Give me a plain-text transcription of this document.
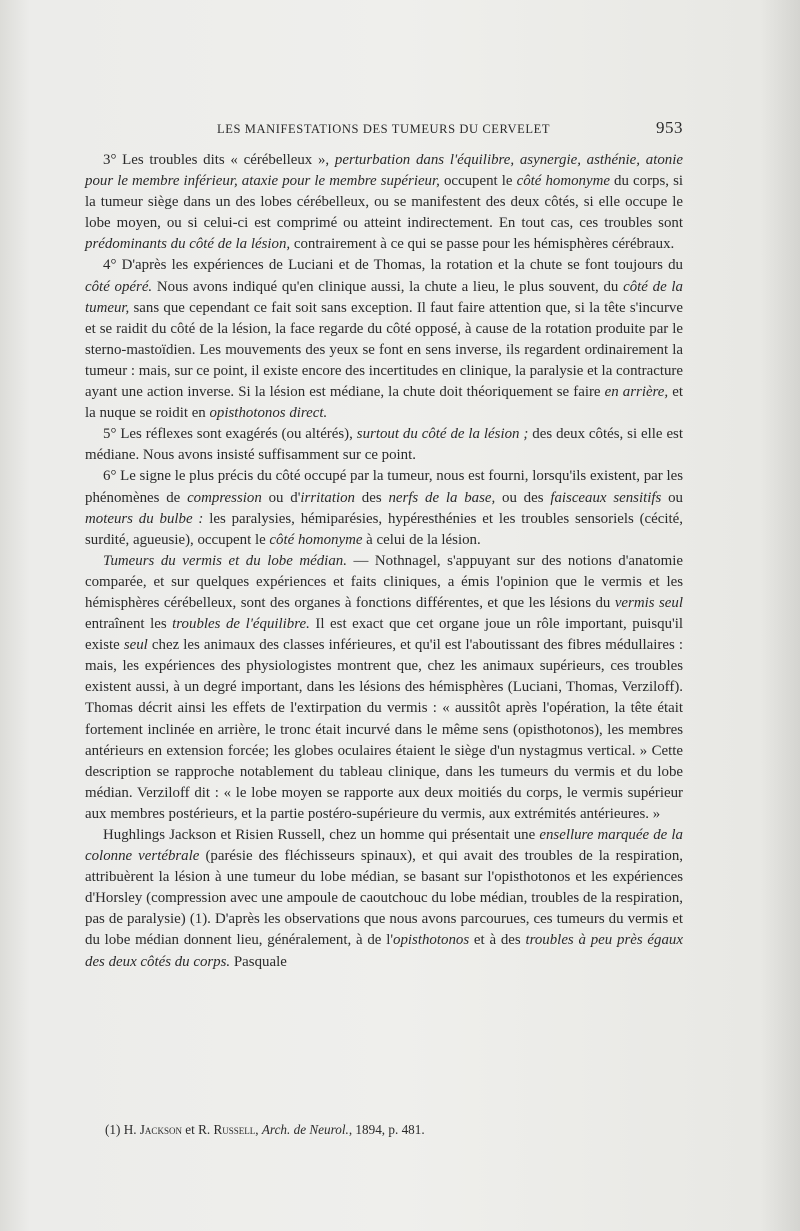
LES MANIFESTATIONS DES TUMEURS DU CERVELET	953

3° Les troubles dits « cérébelleux », perturbation dans l'équilibre, asynergie, asthénie, atonie pour le membre inférieur, ataxie pour le membre supérieur, occupent le côté homonyme du corps, si la tumeur siège dans un des lobes cérébelleux, ou se manifestent des deux côtés, si elle occupe le lobe moyen, ou si celui-ci est comprimé ou atteint indirectement. En tout cas, ces troubles sont prédominants du côté de la lésion, contrairement à ce qui se passe pour les hémisphères cérébraux.

4° D'après les expériences de Luciani et de Thomas, la rotation et la chute se font toujours du côté opéré. Nous avons indiqué qu'en clinique aussi, la chute a lieu, le plus souvent, du côté de la tumeur, sans que cependant ce fait soit sans exception. Il faut faire attention que, si la tête s'incurve et se raidit du côté de la lésion, la face regarde du côté opposé, à cause de la rotation produite par le sterno-mastoïdien. Les mouvements des yeux se font en sens inverse, ils regardent ordinairement la tumeur : mais, sur ce point, il existe encore des incertitudes en clinique, la paralysie et la contracture ayant une action inverse. Si la lésion est médiane, la chute doit théoriquement se faire en arrière, et la nuque se roidit en opisthotonos direct.

5° Les réflexes sont exagérés (ou altérés), surtout du côté de la lésion ; des deux côtés, si elle est médiane. Nous avons insisté suffisamment sur ce point.

6° Le signe le plus précis du côté occupé par la tumeur, nous est fourni, lorsqu'ils existent, par les phénomènes de compression ou d'irritation des nerfs de la base, ou des faisceaux sensitifs ou moteurs du bulbe : les paralysies, hémiparésies, hypéresthénies et les troubles sensoriels (cécité, surdité, agueusie), occupent le côté homonyme à celui de la lésion.

Tumeurs du vermis et du lobe médian. — Nothnagel, s'appuyant sur des notions d'anatomie comparée, et sur quelques expériences et faits cliniques, a émis l'opinion que le vermis et les hémisphères cérébelleux, sont des organes à fonctions différentes, et que les lésions du vermis seul entraînent les troubles de l'équilibre. Il est exact que cet organe joue un rôle important, puisqu'il existe seul chez les animaux des classes inférieures, et qu'il est l'aboutissant des fibres médullaires : mais, les expériences des physiologistes montrent que, chez les animaux supérieurs, ces troubles existent aussi, à un degré important, dans les lésions des hémisphères (Luciani, Thomas, Verziloff). Thomas décrit ainsi les effets de l'extirpation du vermis : « aussitôt après l'opération, la tête était fortement inclinée en arrière, le tronc était incurvé dans le même sens (opisthotonos), les membres antérieurs en extension forcée; les globes oculaires étaient le siège d'un nystagmus vertical. » Cette description se rapproche notablement du tableau clinique, dans les tumeurs du vermis et du lobe médian. Verziloff dit : « le lobe moyen se rapporte aux deux moitiés du corps, le vermis supérieur aux membres postérieurs, et la partie postéro-supérieure du vermis, aux extrémités antérieures. »

Hughlings Jackson et Risien Russell, chez un homme qui présentait une ensellure marquée de la colonne vertébrale (parésie des fléchisseurs spinaux), et qui avait des troubles de la respiration, attribuèrent la lésion à une tumeur du lobe médian, se basant sur l'opisthotonos et les expériences d'Horsley (compression avec une ampoule de caoutchouc du lobe médian, troubles de la respiration, pas de paralysie) (1). D'après les observations que nous avons parcourues, ces tumeurs du vermis et du lobe médian donnent lieu, généralement, à de l'opisthotonos et à des troubles à peu près égaux des deux côtés du corps. Pasquale

(1) H. Jackson et R. Russell, Arch. de Neurol., 1894, p. 481.
